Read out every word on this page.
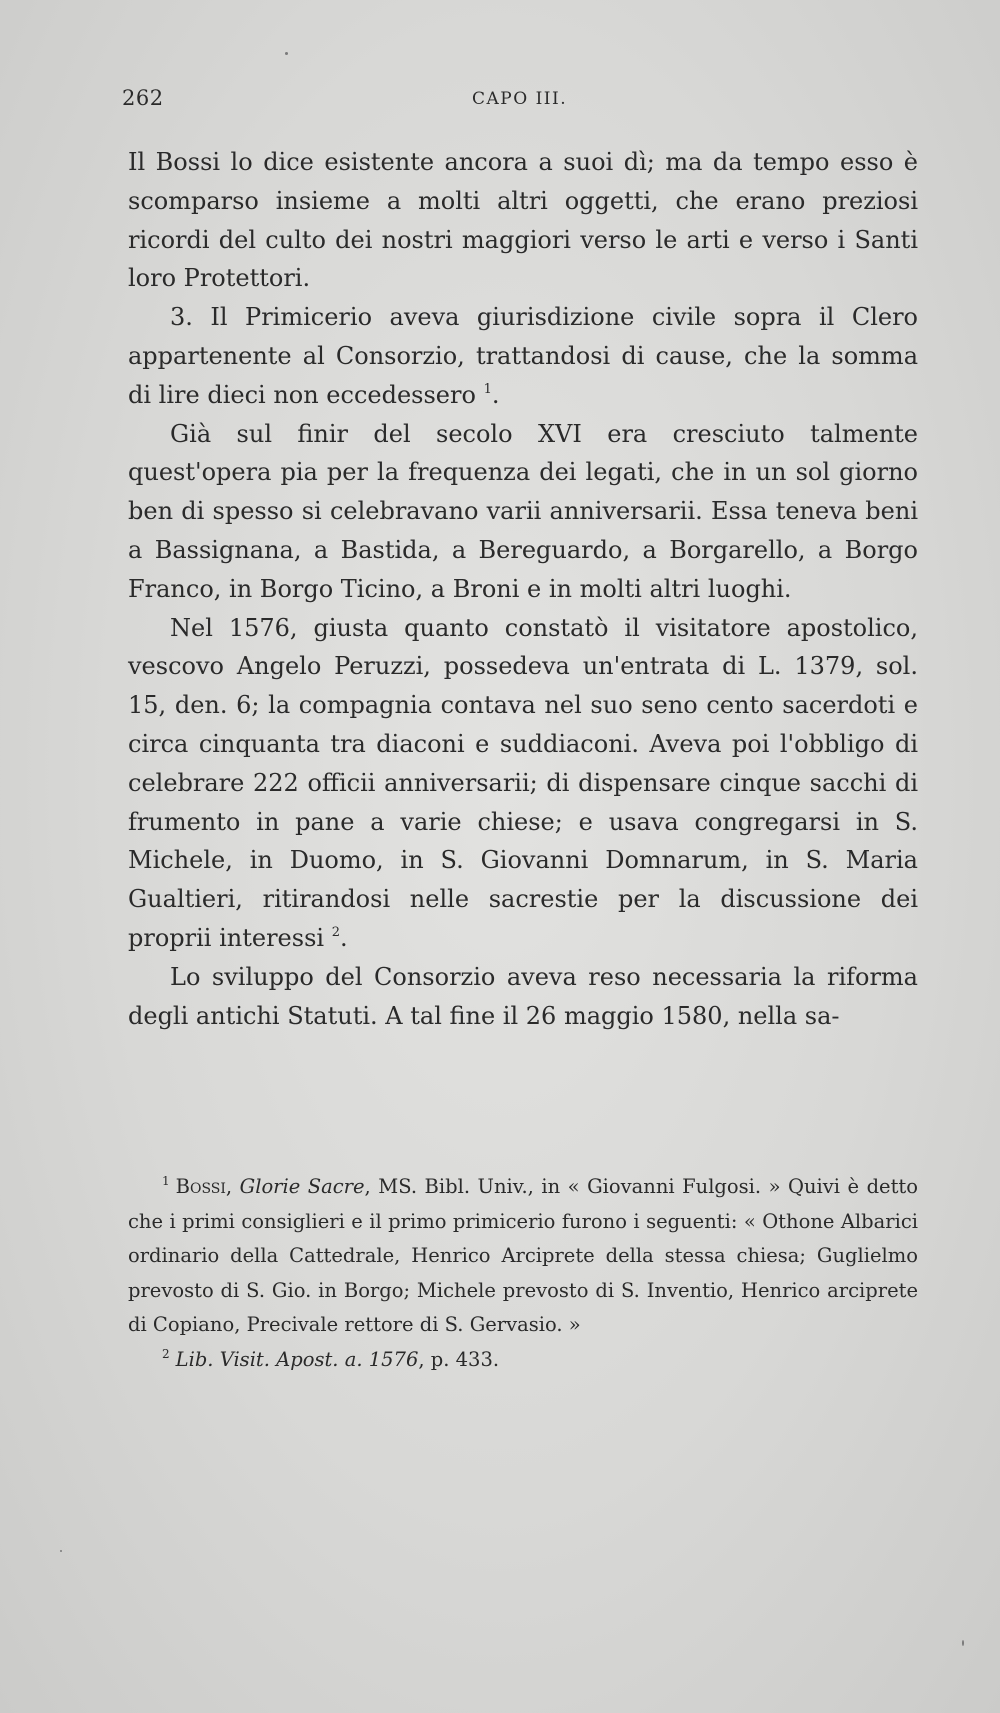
262	CAPO III.

Il Bossi lo dice esistente ancora a suoi dì; ma da tempo esso è scomparso insieme a molti altri oggetti, che erano preziosi ricordi del culto dei nostri maggiori verso le arti e verso i Santi loro Protettori.

3. Il Primicerio aveva giurisdizione civile sopra il Clero appartenente al Consorzio, trattandosi di cause, che la somma di lire dieci non eccedessero $^1$.

Già sul finir del secolo XVI era cresciuto talmente quest'opera pia per la frequenza dei legati, che in un sol giorno ben di spesso si celebravano varii anniversarii. Essa teneva beni a Bassignana, a Bastida, a Bereguardo, a Borgarello, a Borgo Franco, in Borgo Ticino, a Broni e in molti altri luoghi.

Nel 1576, giusta quanto constatò il visitatore apostolico, vescovo Angelo Peruzzi, possedeva un'entrata di L. 1379, sol. 15, den. 6; la compagnia contava nel suo seno cento sacerdoti e circa cinquanta tra diaconi e suddiaconi. Aveva poi l'obbligo di celebrare 222 officii anniversarii; di dispensare cinque sacchi di frumento in pane a varie chiese; e usava congregarsi in S. Michele, in Duomo, in S. Giovanni Domnarum, in S. Maria Gualtieri, ritirandosi nelle sacrestie per la discussione dei proprii interessi $^2$.

Lo sviluppo del Consorzio aveva reso necessaria la riforma degli antichi Statuti. A tal fine il 26 maggio 1580, nella sa-

$^1$ Bossi, Glorie Sacre, MS. Bibl. Univ., in « Giovanni Fulgosi. » Quivi è detto che i primi consiglieri e il primo primicerio furono i seguenti: « Othone Albarici ordinario della Cattedrale, Henrico Arciprete della stessa chiesa; Guglielmo prevosto di S. Gio. in Borgo; Michele prevosto di S. Inventio, Henrico arciprete di Copiano, Precivale rettore di S. Gervasio. »

$^2$ Lib. Visit. Apost. a. 1576, p. 433.
